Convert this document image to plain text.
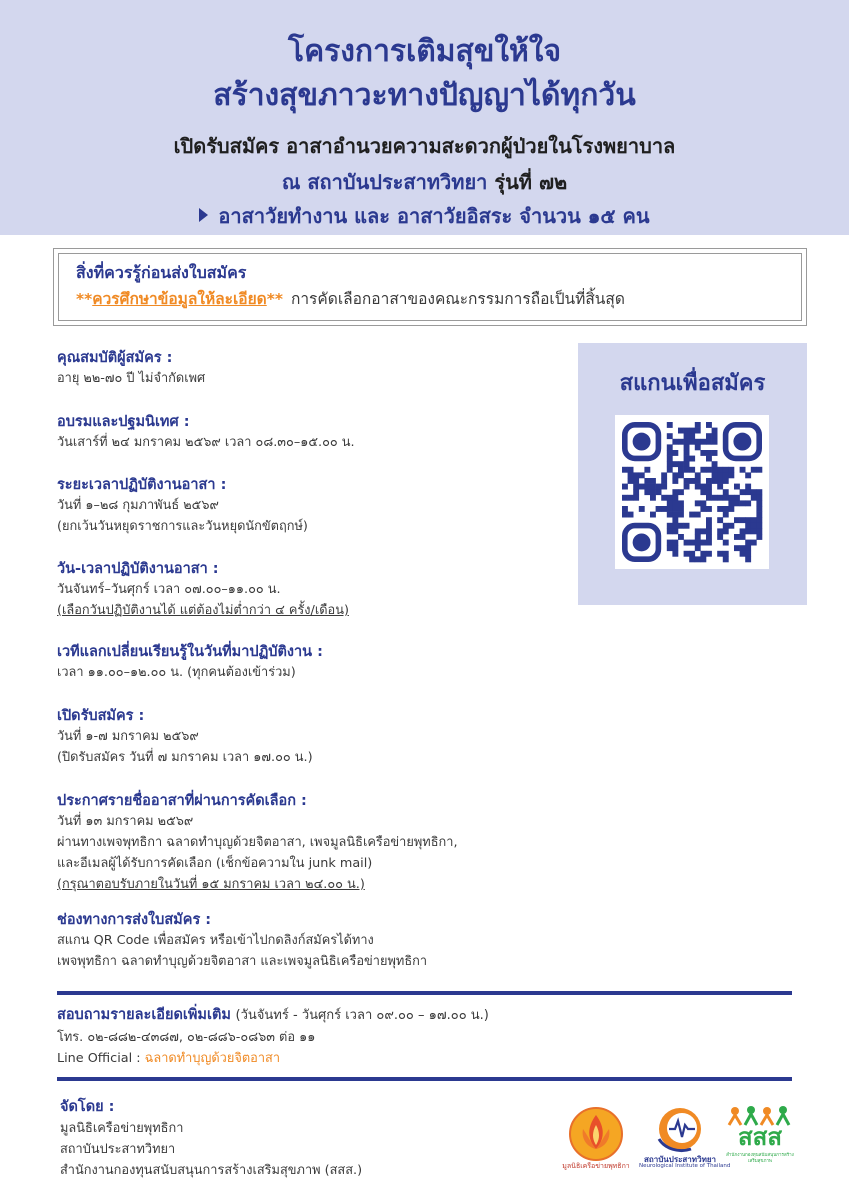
โครงการเติมสุขให้ใจ
สร้างสุขภาวะทางปัญญาได้ทุกวัน
เปิดรับสมัคร อาสาอำนวยความสะดวกผู้ป่วยในโรงพยาบาล
ณ สถาบันประสาทวิทยา รุ่นที่ ๗๒
อาสาวัยทำงาน และ อาสาวัยอิสระ จำนวน ๑๕ คน
สิ่งที่ควรรู้ก่อนส่งใบสมัคร
**ควรศึกษาข้อมูลให้ละเอียด** การคัดเลือกอาสาของคณะกรรมการถือเป็นที่สิ้นสุด
คุณสมบัติผู้สมัคร :
อายุ ๒๒-๗๐ ปี ไม่จำกัดเพศ
อบรมและปฐมนิเทศ :
วันเสาร์ที่ ๒๔ มกราคม ๒๕๖๙ เวลา ๐๘.๓๐–๑๕.๐๐ น.
ระยะเวลาปฏิบัติงานอาสา :
วันที่ ๑–๒๘ กุมภาพันธ์ ๒๕๖๙
(ยกเว้นวันหยุดราชการและวันหยุดนักขัตฤกษ์)
วัน-เวลาปฏิบัติงานอาสา :
วันจันทร์–วันศุกร์ เวลา ๐๗.๐๐–๑๑.๐๐ น.
(เลือกวันปฏิบัติงานได้ แต่ต้องไม่ต่ำกว่า ๔ ครั้ง/เดือน)
เวทีแลกเปลี่ยนเรียนรู้ในวันที่มาปฏิบัติงาน :
เวลา ๑๑.๐๐–๑๒.๐๐ น. (ทุกคนต้องเข้าร่วม)
เปิดรับสมัคร :
วันที่ ๑-๗ มกราคม ๒๕๖๙
(ปิดรับสมัคร วันที่ ๗ มกราคม เวลา ๑๗.๐๐ น.)
ประกาศรายชื่ออาสาที่ผ่านการคัดเลือก :
วันที่ ๑๓ มกราคม ๒๕๖๙
ผ่านทางเพจพุทธิกา ฉลาดทำบุญด้วยจิตอาสา, เพจมูลนิธิเครือข่ายพุทธิกา,
และอีเมลผู้ได้รับการคัดเลือก (เช็กข้อความใน junk mail)
(กรุณาตอบรับภายในวันที่ ๑๕ มกราคม เวลา ๒๔.๐๐ น.)
ช่องทางการส่งใบสมัคร :
สแกน QR Code เพื่อสมัคร หรือเข้าไปกดลิงก์สมัครได้ทาง
เพจพุทธิกา ฉลาดทำบุญด้วยจิตอาสา และเพจมูลนิธิเครือข่ายพุทธิกา
สแกนเพื่อสมัคร
สอบถามรายละเอียดเพิ่มเติม (วันจันทร์ - วันศุกร์ เวลา ๐๙.๐๐ – ๑๗.๐๐ น.)
โทร. ๐๒-๘๘๒-๔๓๘๗, ๐๒-๘๘๖-๐๘๖๓ ต่อ ๑๑
Line Official : ฉลาดทำบุญด้วยจิตอาสา
จัดโดย :
มูลนิธิเครือข่ายพุทธิกา
สถาบันประสาทวิทยา
สำนักงานกองทุนสนับสนุนการสร้างเสริมสุขภาพ (สสส.)	มูลนิธิเครือข่ายพุทธิกา
สถาบันประสาทวิทยา
Neurological Institute of Thailand
สสส
สำนักงานกองทุนสนับสนุนการสร้างเสริมสุขภาพ
